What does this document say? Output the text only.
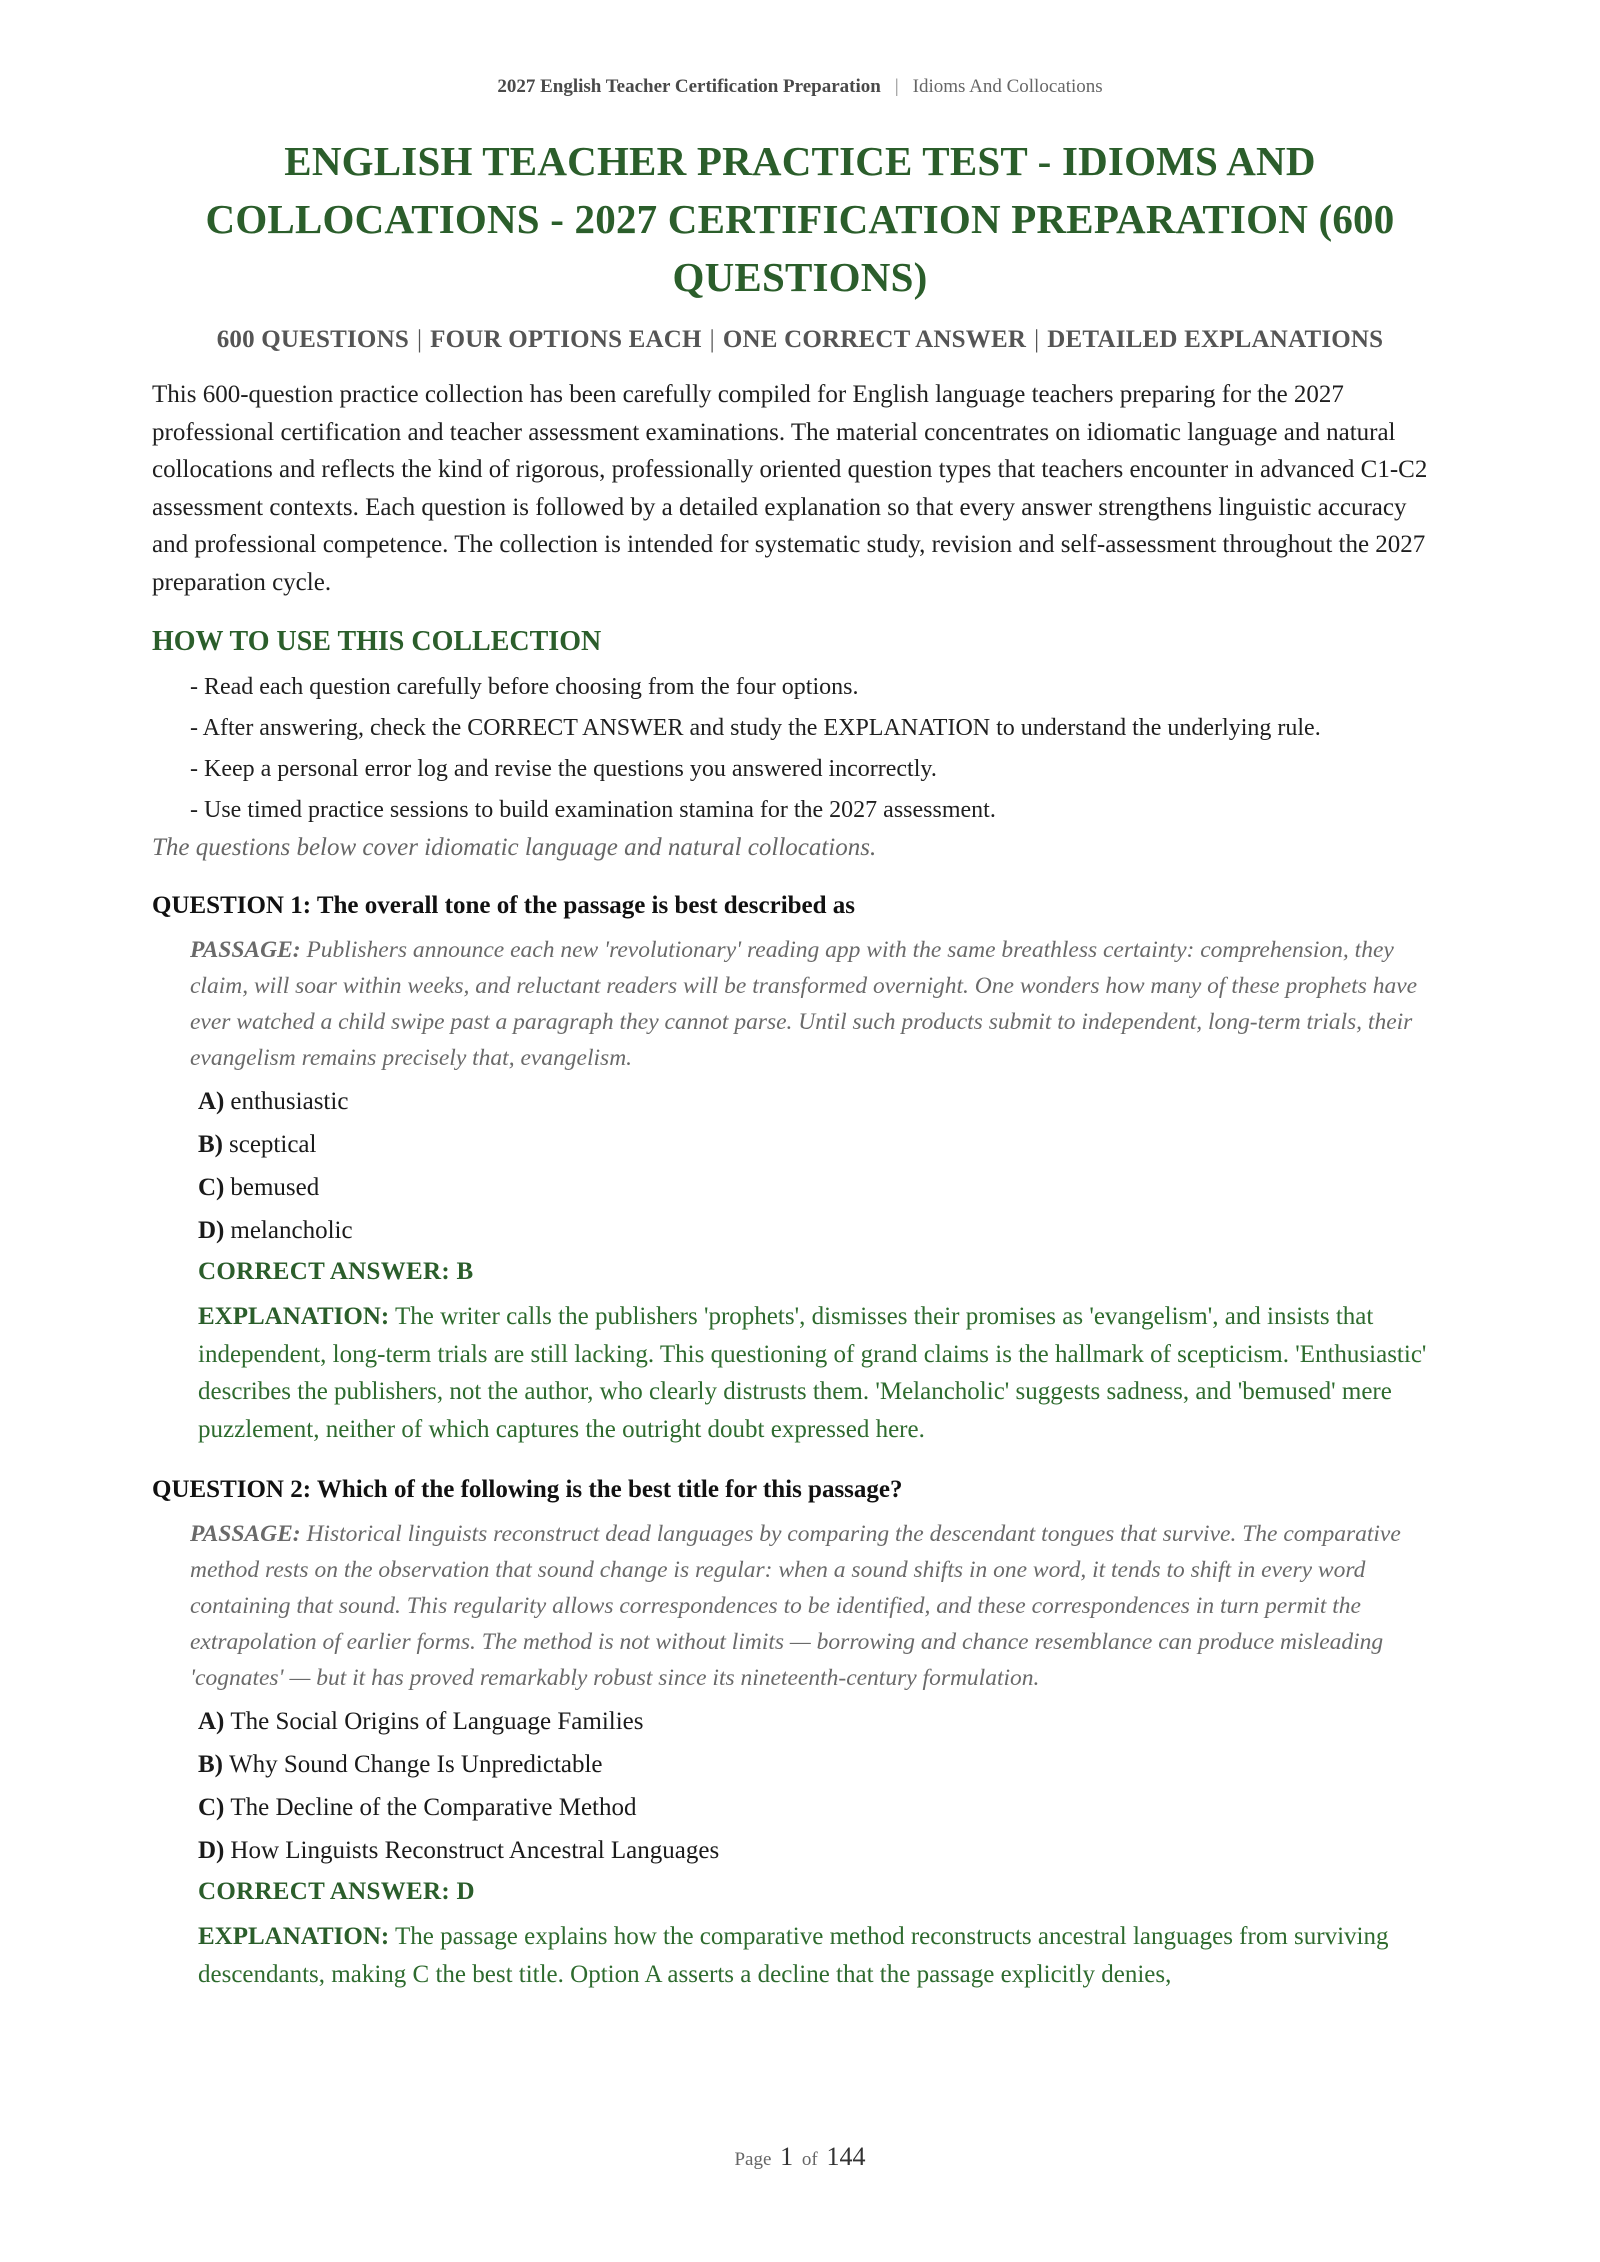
2027 English Teacher Certification Preparation | Idioms And Collocations
ENGLISH TEACHER PRACTICE TEST - IDIOMS AND COLLOCATIONS - 2027 CERTIFICATION PREPARATION (600 QUESTIONS)
600 QUESTIONS | FOUR OPTIONS EACH | ONE CORRECT ANSWER | DETAILED EXPLANATIONS

This 600-question practice collection has been carefully compiled for English language teachers preparing for the 2027 professional certification and teacher assessment examinations. The material concentrates on idiomatic language and natural collocations and reflects the kind of rigorous, professionally oriented question types that teachers encounter in advanced C1-C2 assessment contexts. Each question is followed by a detailed explanation so that every answer strengthens linguistic accuracy and professional competence. The collection is intended for systematic study, revision and self-assessment throughout the 2027 preparation cycle.

HOW TO USE THIS COLLECTION
- Read each question carefully before choosing from the four options.
- After answering, check the CORRECT ANSWER and study the EXPLANATION to understand the underlying rule.
- Keep a personal error log and revise the questions you answered incorrectly.
- Use timed practice sessions to build examination stamina for the 2027 assessment.
The questions below cover idiomatic language and natural collocations.
QUESTION 1: The overall tone of the passage is best described as
PASSAGE: Publishers announce each new 'revolutionary' reading app with the same breathless certainty: comprehension, they claim, will soar within weeks, and reluctant readers will be transformed overnight. One wonders how many of these prophets have ever watched a child swipe past a paragraph they cannot parse. Until such products submit to independent, long-term trials, their evangelism remains precisely that, evangelism.
A) enthusiastic
B) sceptical
C) bemused
D) melancholic
CORRECT ANSWER: B
EXPLANATION: The writer calls the publishers 'prophets', dismisses their promises as 'evangelism', and insists that independent, long-term trials are still lacking. This questioning of grand claims is the hallmark of scepticism. 'Enthusiastic' describes the publishers, not the author, who clearly distrusts them. 'Melancholic' suggests sadness, and 'bemused' mere puzzlement, neither of which captures the outright doubt expressed here.
QUESTION 2: Which of the following is the best title for this passage?
PASSAGE: Historical linguists reconstruct dead languages by comparing the descendant tongues that survive. The comparative method rests on the observation that sound change is regular: when a sound shifts in one word, it tends to shift in every word containing that sound. This regularity allows correspondences to be identified, and these correspondences in turn permit the extrapolation of earlier forms. The method is not without limits — borrowing and chance resemblance can produce misleading 'cognates' — but it has proved remarkably robust since its nineteenth-century formulation.
A) The Social Origins of Language Families
B) Why Sound Change Is Unpredictable
C) The Decline of the Comparative Method
D) How Linguists Reconstruct Ancestral Languages
CORRECT ANSWER: D
EXPLANATION: The passage explains how the comparative method reconstructs ancestral languages from surviving descendants, making C the best title. Option A asserts a decline that the passage explicitly denies,
Page 1 of 144
